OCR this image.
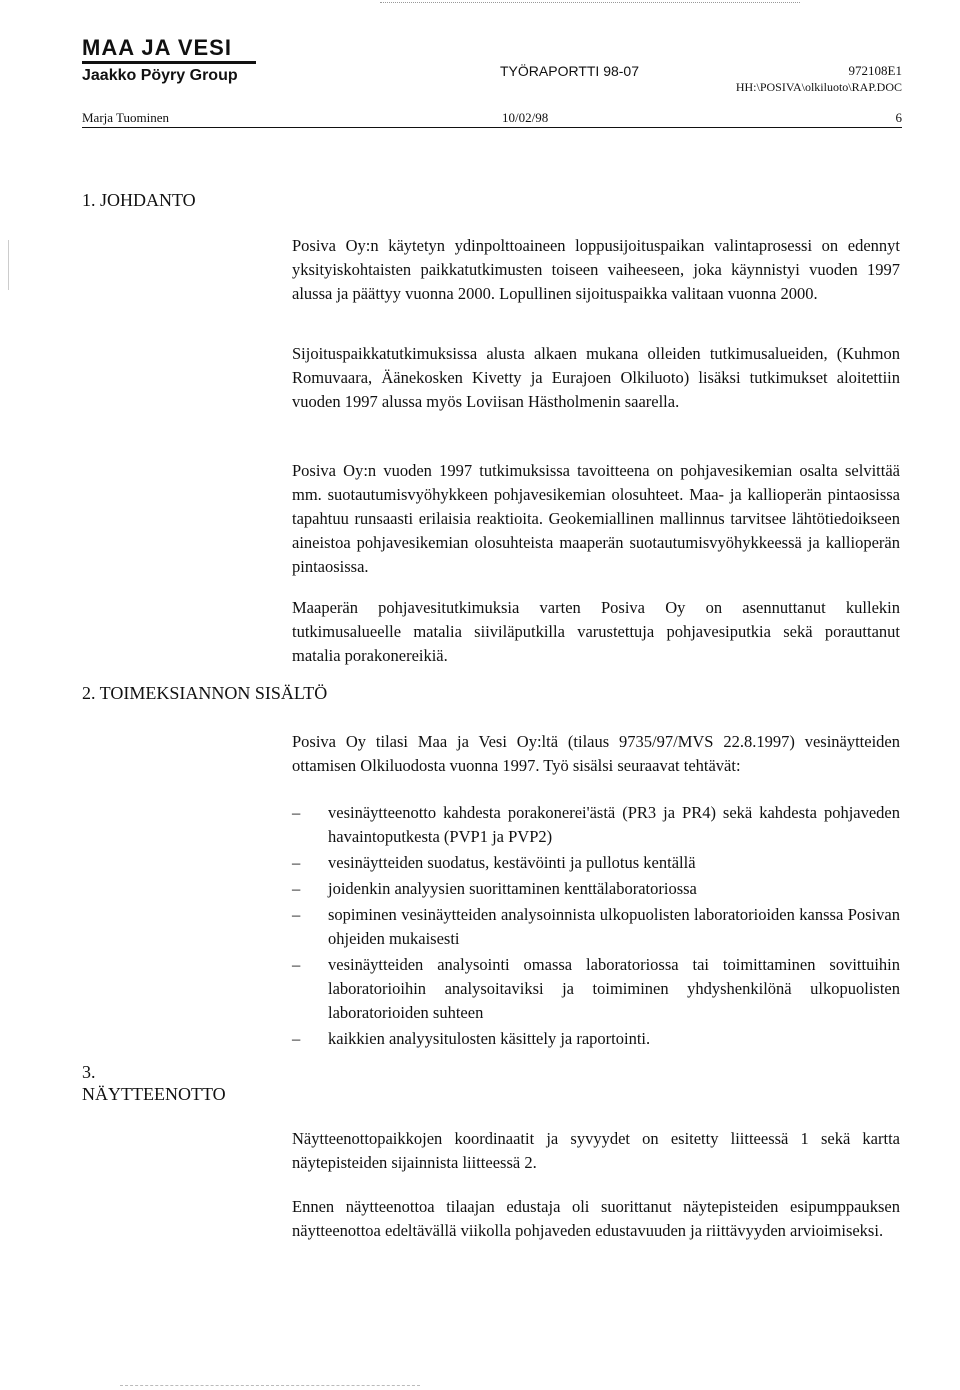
MAA JA VESI
Jaakko Pöyry Group	TYÖRAPORTTI 98-07	972108E1
HH:\POSIVA\olkiluoto\RAP.DOC
Marja Tuominen	10/02/98	6
1. JOHDANTO
Posiva Oy:n käytetyn ydinpolttoaineen loppusijoituspaikan valintaprosessi on edennyt yksityiskohtaisten paikkatutkimusten toiseen vaiheeseen, joka käynnistyi vuoden 1997 alussa ja päättyy vuonna 2000. Lopullinen sijoituspaikka valitaan vuonna 2000.
Sijoituspaikkatutkimuksissa alusta alkaen mukana olleiden tutkimusalueiden, (Kuhmon Romuvaara, Äänekosken Kivetty ja Eurajoen Olkiluoto) lisäksi tutkimukset aloitettiin vuoden 1997 alussa myös Loviisan Hästholmenin saarella.
Posiva Oy:n vuoden 1997 tutkimuksissa tavoitteena on pohjavesikemian osalta selvittää mm. suotautumisvyöhykkeen pohjavesikemian olosuhteet. Maa- ja kallioperän pintaosissa tapahtuu runsaasti erilaisia reaktioita. Geokemiallinen mallinnus tarvitsee lähtötiedoikseen aineistoa pohjavesikemian olosuhteista maaperän suotautumisvyöhykkeessä ja kallioperän pintaosissa.
Maaperän pohjavesitutkimuksia varten Posiva Oy on asennuttanut kullekin tutkimusalueelle matalia siiviläputkilla varustettuja pohjavesiputkia sekä porauttanut matalia porakonereikiä.
2. TOIMEKSIANNON SISÄLTÖ
Posiva Oy tilasi Maa ja Vesi Oy:ltä (tilaus 9735/97/MVS 22.8.1997) vesinäytteiden ottamisen Olkiluodosta vuonna 1997. Työ sisälsi seuraavat tehtävät:
– vesinäytteenotto kahdesta porakonerei'ästä (PR3 ja PR4) sekä kahdesta pohjaveden havaintoputkesta (PVP1 ja PVP2)
– vesinäytteiden suodatus, kestävöinti ja pullotus kentällä
– joidenkin analyysien suorittaminen kenttälaboratoriossa
– sopiminen vesinäytteiden analysoinnista ulkopuolisten laboratorioiden kanssa Posivan ohjeiden mukaisesti
– vesinäytteiden analysointi omassa laboratoriossa tai toimittaminen sovittuihin laboratorioihin analysoitaviksi ja toimiminen yhdyshenkilönä ulkopuolisten laboratorioiden suhteen
– kaikkien analyysitulosten käsittely ja raportointi.
3.
NÄYTTEENOTTO
Näytteenottopaikkojen koordinaatit ja syvyydet on esitetty liitteessä 1 sekä kartta näytepisteiden sijainnista liitteessä 2.
Ennen näytteenottoa tilaajan edustaja oli suorittanut näytepisteiden esipumppauksen näytteenottoa edeltävällä viikolla pohjaveden edustavuuden ja riittävyyden arvioimiseksi.
